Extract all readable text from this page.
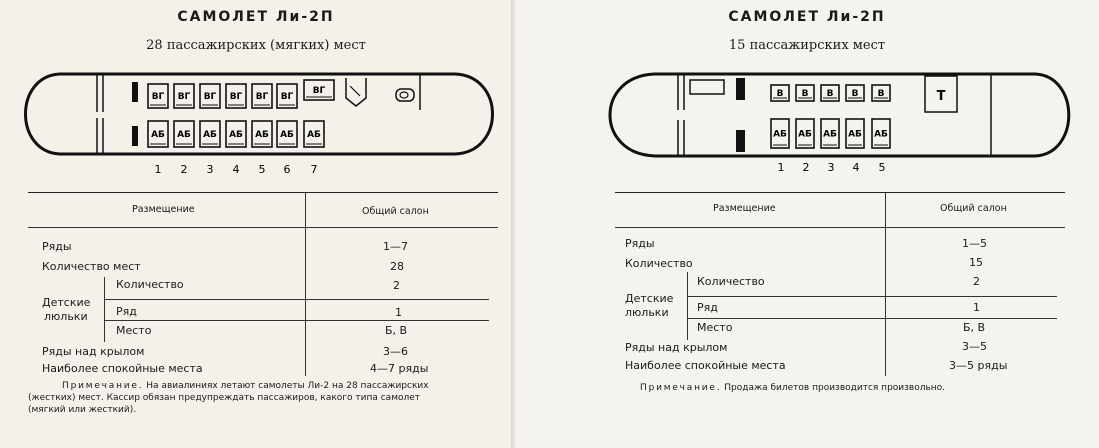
САМОЛЕТ Ли-2П
28 пассажирских (мягких) мест
ВГ ВГ ВГ ВГ ВГ ВГ
ВГ
АБ АБ АБ АБ АБ АБ АБ
1 2 3 4 5 6 7
Размещение	Общий салон
Ряды	1—7
Количество мест	28
Детские
люльки
Количество	2
Ряд	1
Место	Б, В
Ряды над крылом	3—6
Наиболее спокойные места	4—7 ряды
Примечание. На авиалиниях летают самолеты Ли-2 на 28 пассажирских
(жестких) мест. Кассир обязан предупреждать пассажиров, какого типа самолет
(мягкий или жесткий).
САМОЛЕТ Ли-2П
15 пассажирских мест
Т
В В В В В
АБ АБ АБ АБ АБ
1 2 3 4 5
Размещение	Общий салон
Ряды	1—5
Количество	15
Детские
люльки
Количество	2
Ряд	1
Место	Б, В
Ряды над крылом	3—5
Наиболее спокойные места	3—5 ряды
Примечание. Продажа билетов производится произвольно.
